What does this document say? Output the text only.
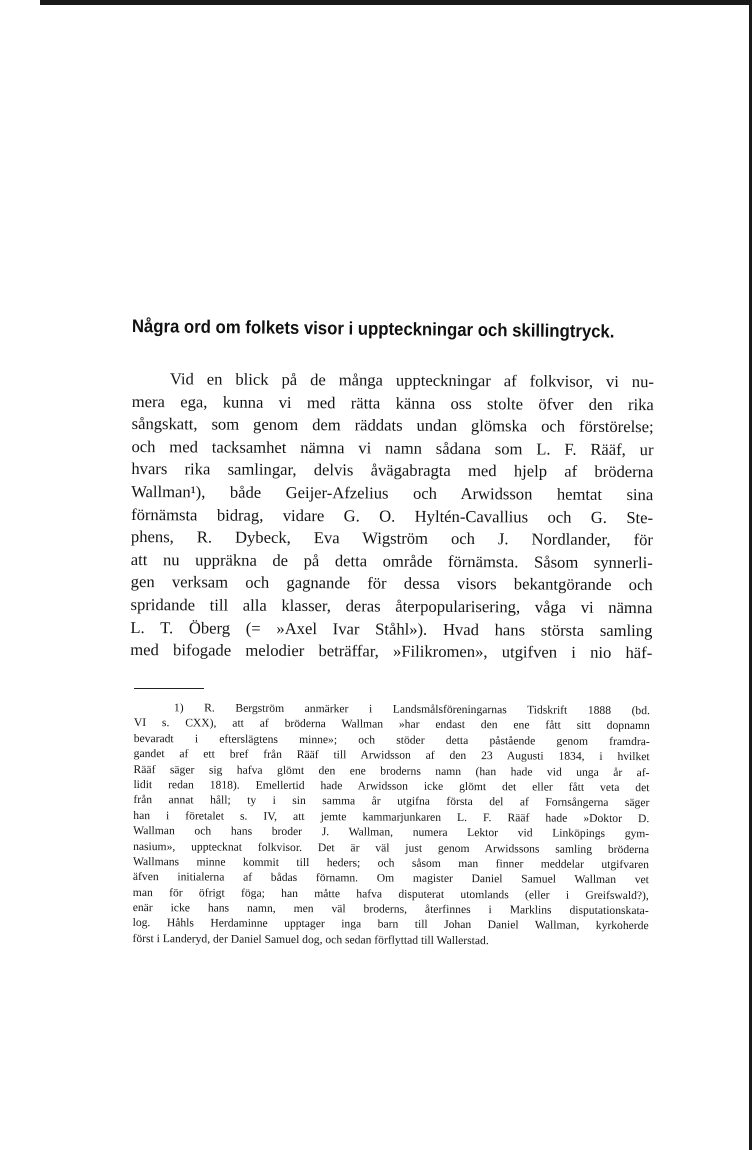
Några ord om folkets visor i uppteckningar och skillingtryck.
Vid en blick på de många uppteckningar af folkvisor, vi nu-
mera ega, kunna vi med rätta känna oss stolte öfver den rika
sångskatt, som genom dem räddats undan glömska och förstörelse;
och med tacksamhet nämna vi namn sådana som L. F. Rääf, ur
hvars rika samlingar, delvis åvägabragta med hjelp af bröderna
Wallman¹), både Geijer-Afzelius och Arwidsson hemtat sina
förnämsta bidrag, vidare G. O. Hyltén-Cavallius och G. Ste-
phens, R. Dybeck, Eva Wigström och J. Nordlander, för
att nu uppräkna de på detta område förnämsta. Såsom synnerli-
gen verksam och gagnande för dessa visors bekantgörande och
spridande till alla klasser, deras återpopularisering, våga vi nämna
L. T. Öberg (= »Axel Ivar Ståhl»). Hvad hans största samling
med bifogade melodier beträffar, »Filikromen», utgifven i nio häf-
1) R. Bergström anmärker i Landsmålsföreningarnas Tidskrift 1888 (bd.
VI s. CXX), att af bröderna Wallman »har endast den ene fått sitt dopnamn
bevaradt i efterslägtens minne»; och stöder detta påstående genom framdra-
gandet af ett bref från Rääf till Arwidsson af den 23 Augusti 1834, i hvilket
Rääf säger sig hafva glömt den ene broderns namn (han hade vid unga år af-
lidit redan 1818). Emellertid hade Arwidsson icke glömt det eller fått veta det
från annat håll; ty i sin samma år utgifna första del af Fornsångerna säger
han i företalet s. IV, att jemte kammarjunkaren L. F. Rääf hade »Doktor D.
Wallman och hans broder J. Wallman, numera Lektor vid Linköpings gym-
nasium», upptecknat folkvisor. Det är väl just genom Arwidssons samling bröderna
Wallmans minne kommit till heders; och såsom man finner meddelar utgifvaren
äfven initialerna af bådas förnamn. Om magister Daniel Samuel Wallman vet
man för öfrigt föga; han måtte hafva disputerat utomlands (eller i Greifswald?),
enär icke hans namn, men väl broderns, återfinnes i Marklins disputationskata-
log. Håhls Herdaminne upptager inga barn till Johan Daniel Wallman, kyrkoherde
först i Landeryd, der Daniel Samuel dog, och sedan förflyttad till Wallerstad.
